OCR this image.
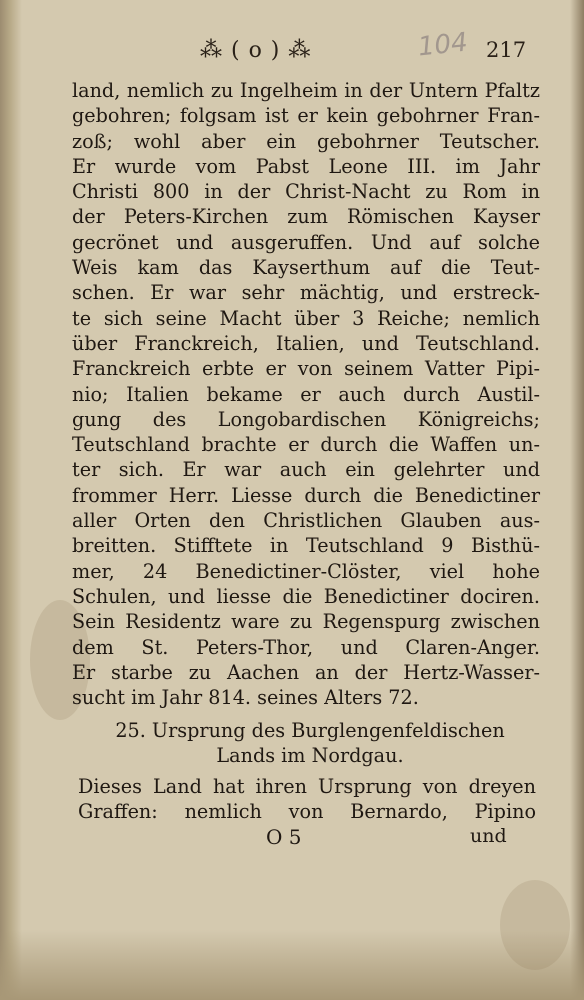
⁂ ( o ) ⁂	104 217
land, nemlich zu Ingelheim in der Untern Pfaltz
gebohren; folgsam ist er kein gebohrner Fran-
zoß; wohl aber ein gebohrner Teutscher.
Er wurde vom Pabst Leone III. im Jahr
Christi 800 in der Christ-Nacht zu Rom in
der Peters-Kirchen zum Römischen Kayser
gecrönet und ausgeruffen. Und auf solche
Weis kam das Kayserthum auf die Teut-
schen. Er war sehr mächtig, und erstreck-
te sich seine Macht über 3 Reiche; nemlich
über Franckreich, Italien, und Teutschland.
Franckreich erbte er von seinem Vatter Pipi-
nio; Italien bekame er auch durch Austil-
gung des Longobardischen Königreichs;
Teutschland brachte er durch die Waffen un-
ter sich. Er war auch ein gelehrter und
frommer Herr. Liesse durch die Benedictiner
aller Orten den Christlichen Glauben aus-
breitten. Stifftete in Teutschland 9 Bisthü-
mer, 24 Benedictiner-Clöster, viel hohe
Schulen, und liesse die Benedictiner dociren.
Sein Residentz ware zu Regenspurg zwischen
dem St. Peters-Thor, und Claren-Anger.
Er starbe zu Aachen an der Hertz-Wasser-
sucht im Jahr 814. seines Alters 72.
25. Ursprung des Burglengenfeldischen
Lands im Nordgau.
Dieses Land hat ihren Ursprung von dreyen
Graffen: nemlich von Bernardo, Pipino
O 5	und
